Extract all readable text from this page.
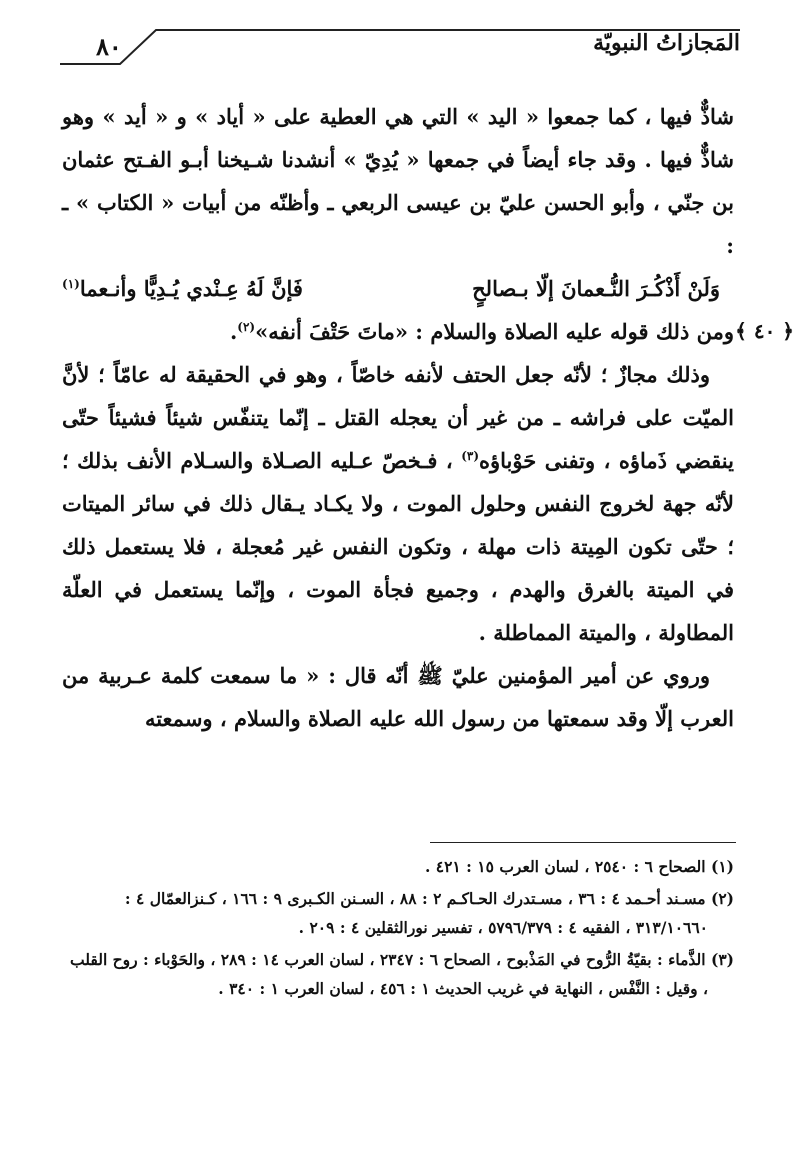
٨٠	المَجازاتُ النبويّة

شاذٌّ فيها ، كما جمعوا « اليد » التي هي العطية على « أياد » و « أيد » وهو شاذٌّ فيها . وقد جاء أيضاً في جمعها « يُدِيّ » أنشدنا شـيخنا أبـو الفـتح عثمان بن جنّي ، وأبو الحسن عليّ بن عيسى الربعي ـ وأظنّه من أبيات « الكتاب » ـ :

وَلَنْ أَذْكُـرَ النُّـعمانَ إلّا بـصالحٍ
فَإنَّ لَهُ عِـنْدي يُـدِيًّا وأنـعما$^{(١)}$

﴿ ٤٠ ﴾
ومن ذلك قوله عليه الصلاة والسلام : «ماتَ حَتْفَ أنفه»$^{(٢)}$.

وذلك مجازٌ ؛ لأنّه جعل الحتف لأنفه خاصّاً ، وهو في الحقيقة له عامّاً ؛ لأنَّ الميّت على فراشه ـ من غير أن يعجله القتل ـ إنّما يتنفّس شيئاً فشيئاً حتّى ينقضي ذَماؤه ، وتفنى حَوْباؤه$^{(٣)}$ ، فـخصّ عـليه الصـلاة والسـلام الأنف بذلك ؛ لأنّه جهة لخروج النفس وحلول الموت ، ولا يكـاد يـقال ذلك في سائر الميتات ؛ حتّى تكون المِيتة ذات مهلة ، وتكون النفس غير مُعجلة ، فلا يستعمل ذلك في الميتة بالغرق والهدم ، وجميع فجأة الموت ، وإنّما يستعمل في العلّة المطاولة ، والميتة المماطلة .

وروي عن أمير المؤمنين عليّ ﷺ أنّه قال : « ما سمعت كلمة عـربية من العرب إلّا وقد سمعتها من رسول الله عليه الصلاة والسلام ، وسمعته

(١) الصحاح ٦ : ٢٥٤٠ ، لسان العرب ١٥ : ٤٢١ .

(٢) مسـند أحـمد ٤ : ٣٦ ، مسـتدرك الحـاكـم ٢ : ٨٨ ، السـنن الكـبرى ٩ : ١٦٦ ، كـنزالعمّال ٤ : ٣١٣/١٠٦٦٠ ، الفقيه ٤ : ٥٧٩٦/٣٧٩ ، تفسير نورالثقلين ٤ : ٢٠٩ .

(٣) الذَّماء : بقيّةُ الرُّوح في المَذْبوح ، الصحاح ٦ : ٢٣٤٧ ، لسان العرب ١٤ : ٢٨٩ ، والحَوْباء : روح القلب ، وقيل : النَّفْس ، النهاية في غريب الحديث ١ : ٤٥٦ ، لسان العرب ١ : ٣٤٠ .
